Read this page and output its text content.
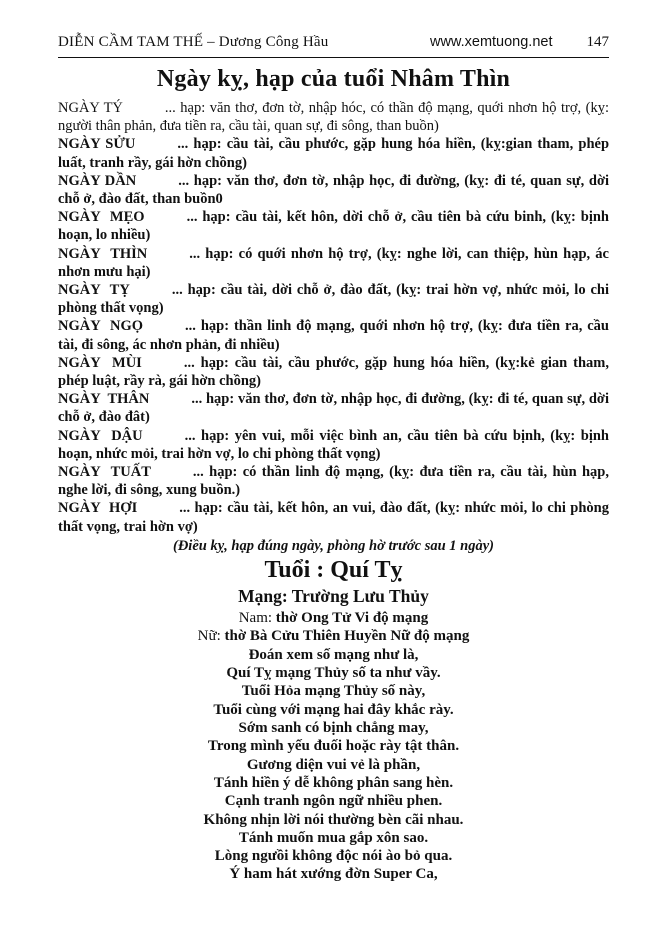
DIỄN CẦM TAM THẾ – Dương Công Hầu	www.xemtuong.net 147
Ngày kỵ, hạp của tuổi Nhâm Thìn

NGÀY TÝ	... hạp: văn thơ, đơn tờ, nhập hóc, có thần độ mạng, quới nhơn hộ trợ, (kỵ: người thân phản, đưa tiền ra, cầu tài, quan sự, đi sông, than buồn)

NGÀY SỬU	... hạp: cầu tài, cầu phước, gặp hung hóa hiền, (kỵ:gian tham, phép luất, tranh rầy, gái hờn chồng)

NGÀY DẦN	... hạp: văn thơ, đơn tờ, nhập học, đi đường, (kỵ: đi té, quan sự, dời chỗ ở, đào đất, than buồn0

NGÀY  MẸO	... hạp: cầu tài, kết hôn, dời chỗ ở, cầu tiên bà cứu binh, (kỵ: bịnh hoạn, lo nhiều)

NGÀY  THÌN	... hạp: có quới nhơn hộ trợ, (kỵ: nghe lời, can thiệp, hùn hạp, ác nhơn mưu hại)

NGÀY  TỴ	... hạp: cầu tài, dời chỗ ở, đào đất, (kỵ: trai hờn vợ, nhức mỏi, lo chi phòng thất vọng)

NGÀY  NGỌ	... hạp: thần linh độ mạng, quới nhơn hộ trợ, (kỵ: đưa tiền ra, cầu tài, đi sông, ác nhơn phản, đi nhiều)

NGÀY  MÙI	... hạp: cầu tài, cầu phước, gặp hung hóa hiền, (kỵ:kẻ gian tham, phép luật, rầy rà, gái hờn chồng)

NGÀY  THÂN	... hạp: văn thơ, đơn tờ, nhập học, đi đường, (kỵ: đi té, quan sự, dời chỗ ở, đào đât)

NGÀY  DẬU	... hạp: yên vui, mỗi việc bình an, cầu tiên bà cứu bịnh, (kỵ: bịnh hoạn, nhức mỏi, trai hờn vợ, lo chi phòng thất vọng)

NGÀY  TUẤT	... hạp: có thần linh độ mạng, (kỵ: đưa tiền ra, cầu tài, hùn hạp, nghe lời, đi sông, xung buồn.)

NGÀY  HỢI	... hạp: cầu tài, kết hôn, an vui, đào đất, (kỵ: nhức mỏi, lo chi phòng thất vọng, trai hờn vợ)

(Điều kỵ, hạp đúng ngày, phòng hờ trước sau 1 ngày)

Tuổi : Quí Tỵ

Mạng: Trường Lưu Thủy

Nam: thờ Ong Tử Vi độ mạng

Nữ: thờ Bà Cửu Thiên Huyền Nữ độ mạng

Đoán xem số mạng như là,

Quí Tỵ mạng Thủy số ta như vầy.

Tuổi Hỏa mạng Thủy số này,

Tuổi cùng với mạng hai đây khắc rày.

Sớm sanh có bịnh chẳng may,

Trong mình yếu đuối hoặc rày tật thân.

Gương diện vui vẻ là phần,

Tánh hiền ý dễ không phân sang hèn.

Cạnh tranh ngôn ngữ nhiều phen.

Không nhịn lời nói thường bèn cãi nhau.

Tánh muốn mua gắp xôn sao.

Lòng ngưồi không độc nói ào bỏ qua.

Ý ham hát xướng đờn Super Ca,
